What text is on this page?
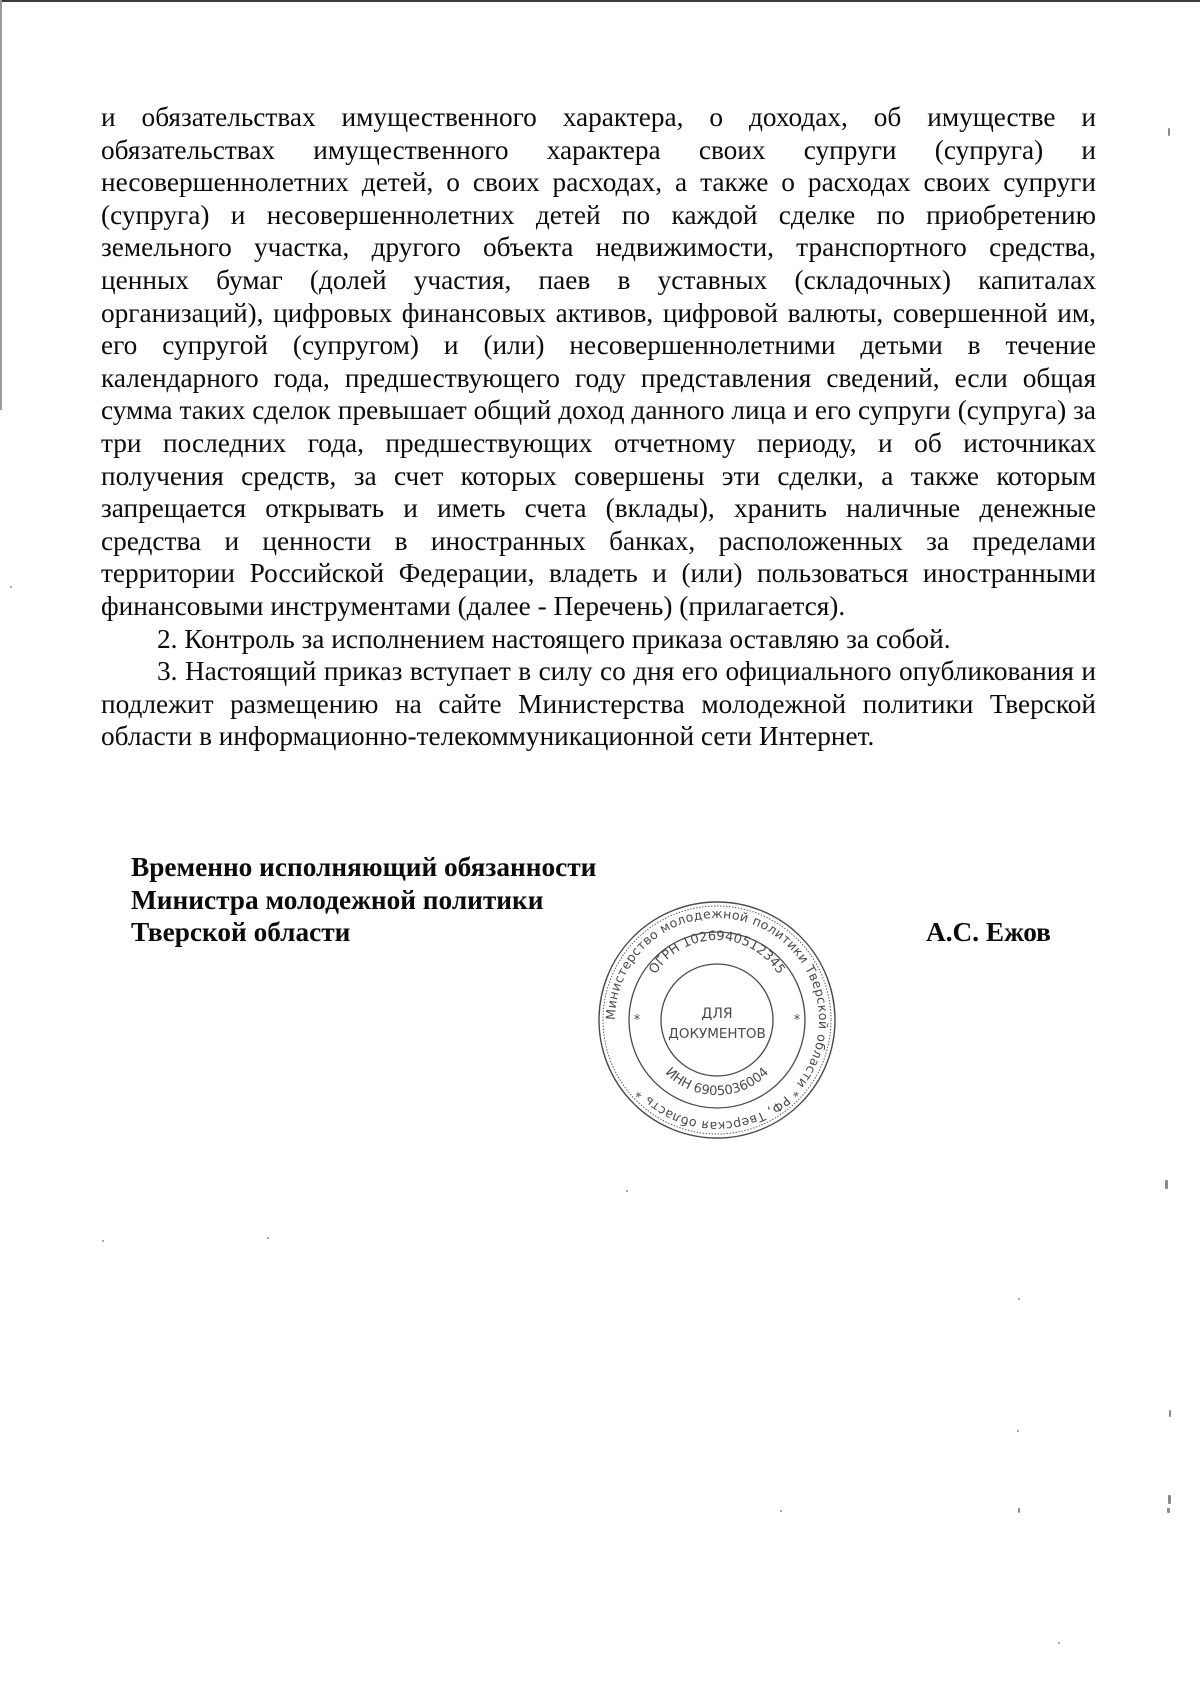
и обязательствах имущественного характера, о доходах, об имуществе и обязательствах имущественного характера своих супруги (супруга) и несовершеннолетних детей, о своих расходах, а также о расходах своих супруги (супруга) и несовершеннолетних детей по каждой сделке по приобретению земельного участка, другого объекта недвижимости, транспортного средства, ценных бумаг (долей участия, паев в уставных (складочных) капиталах организаций), цифровых финансовых активов, цифровой валюты, совершенной им, его супругой (супругом) и (или) несовершеннолетними детьми в течение календарного года, предшествующего году представления сведений, если общая сумма таких сделок превышает общий доход данного лица и его супруги (супруга) за три последних года, предшествующих отчетному периоду, и об источниках получения средств, за счет которых совершены эти сделки, а также которым запрещается открывать и иметь счета (вклады), хранить наличные денежные средства и ценности в иностранных банках, расположенных за пределами территории Российской Федерации, владеть и (или) пользоваться иностранными финансовыми инструментами (далее - Перечень) (прилагается).

2. Контроль за исполнением настоящего приказа оставляю за собой.

3. Настоящий приказ вступает в силу со дня его официального опубликования и подлежит размещению на сайте Министерства молодежной политики Тверской области в информационно-телекоммуникационной сети Интернет.

Временно исполняющий обязанности
Министра молодежной политики
Тверской области	А.С. Ежов
Министерство молодежной политики Тверской области * РФ, Тверская область *
ОГРН 1026940512345
ИНН 6905036004
ДЛЯ
ДОКУМЕНТОВ
*	*
